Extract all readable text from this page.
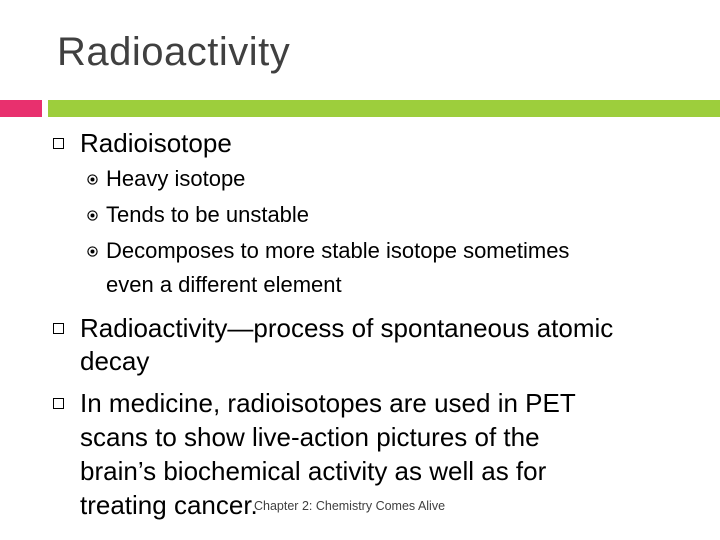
Radioactivity
Radioisotope
Heavy isotope
Tends to be unstable
Decomposes to more stable isotope sometimes
even a different element
Radioactivity—process of spontaneous atomic
decay
In medicine, radioisotopes are used in PET
scans to show live-action pictures of the
brain’s biochemical activity as well as for
treating cancer.
Chapter 2: Chemistry Comes Alive
